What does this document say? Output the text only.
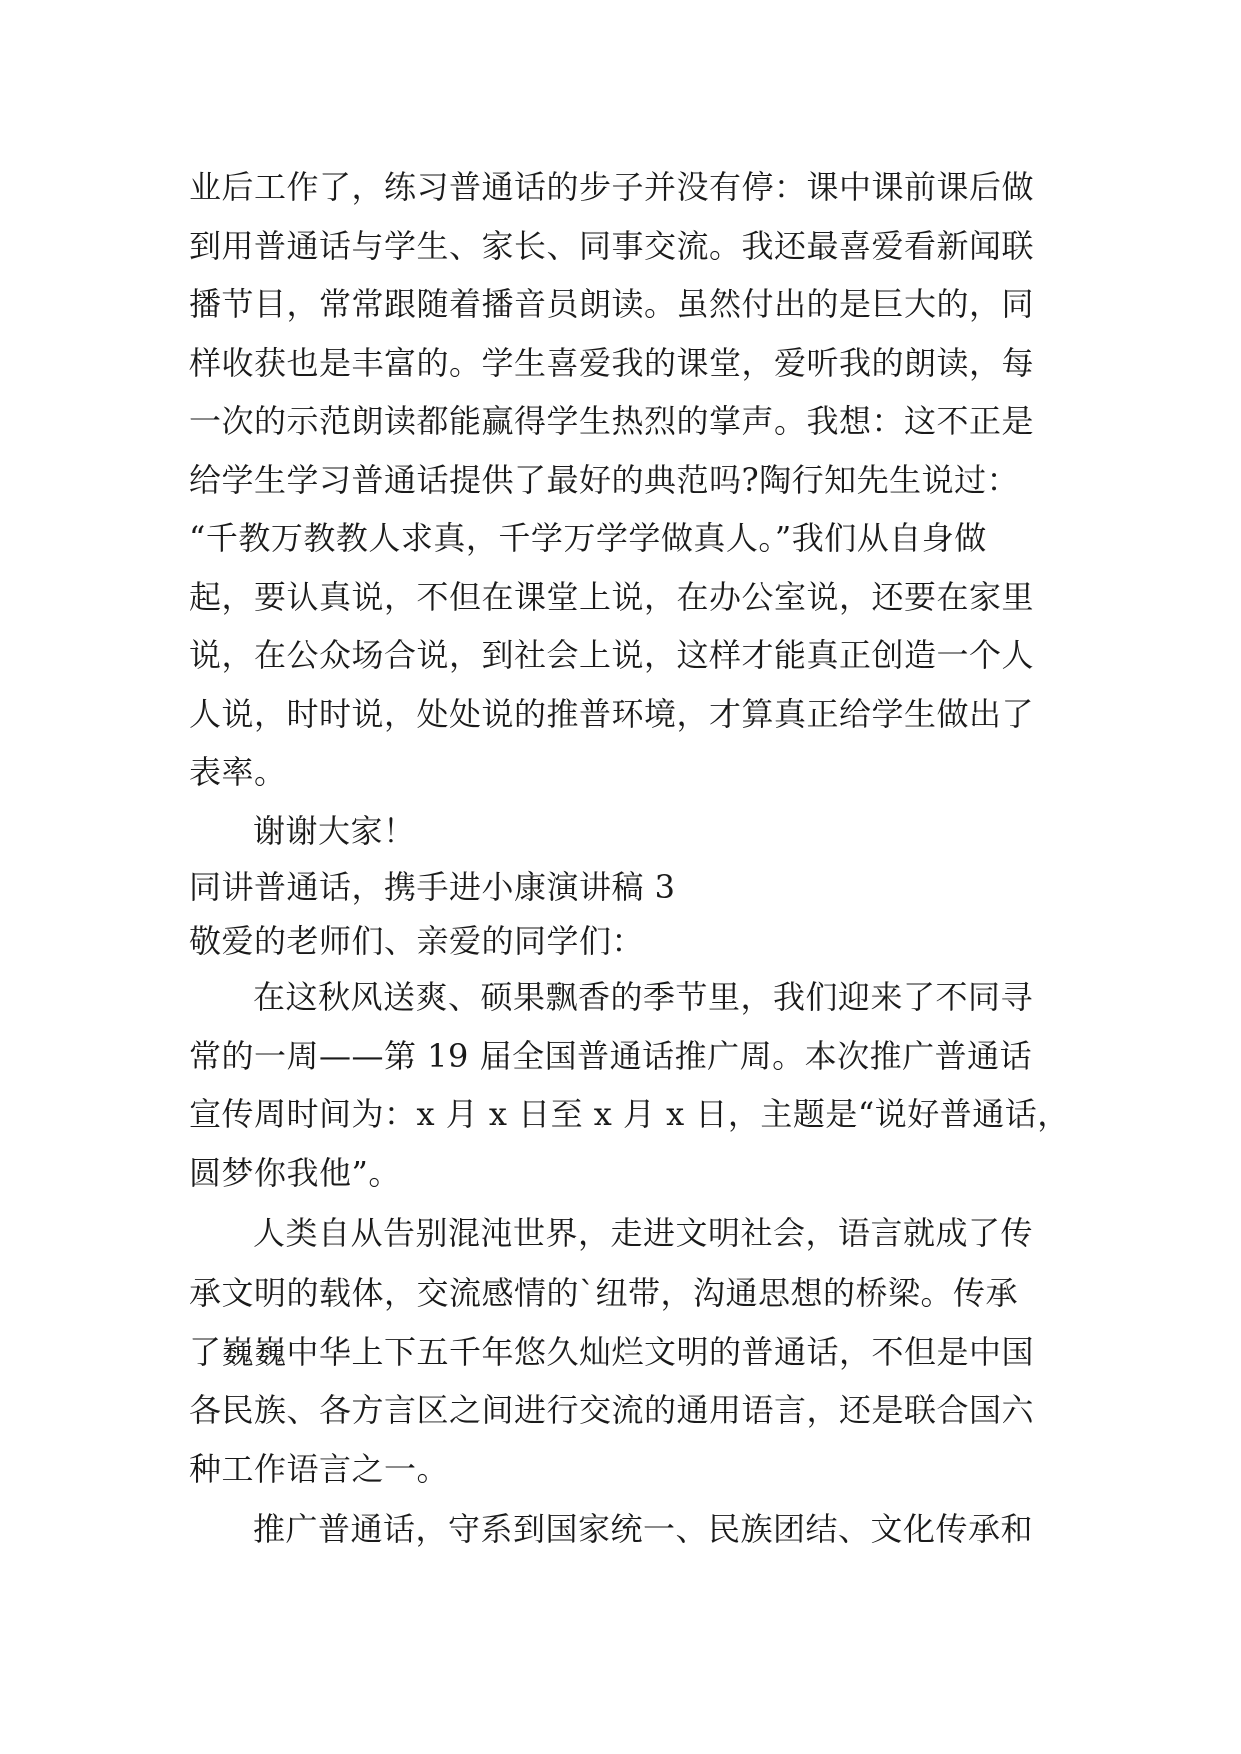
业后工作了，练习普通话的步子并没有停：课中课前课后做
到用普通话与学生、家长、同事交流。我还最喜爱看新闻联
播节目，常常跟随着播音员朗读。虽然付出的是巨大的，同
样收获也是丰富的。学生喜爱我的课堂，爱听我的朗读，每
一次的示范朗读都能赢得学生热烈的掌声。我想：这不正是
给学生学习普通话提供了最好的典范吗?陶行知先生说过：
“千教万教教人求真，千学万学学做真人。”我们从自身做
起，要认真说，不但在课堂上说，在办公室说，还要在家里
说，在公众场合说，到社会上说，这样才能真正创造一个人
人说，时时说，处处说的推普环境，才算真正给学生做出了
表率。
谢谢大家！
同讲普通话，携手进小康演讲稿 3
敬爱的老师们、亲爱的同学们：
在这秋风送爽、硕果飘香的季节里，我们迎来了不同寻
常的一周——第 19 届全国普通话推广周。本次推广普通话
宣传周时间为：x 月 x 日至 x 月 x 日，主题是“说好普通话，
圆梦你我他”。
人类自从告别混沌世界，走进文明社会，语言就成了传
承文明的载体，交流感情的`纽带，沟通思想的桥梁。传承
了巍巍中华上下五千年悠久灿烂文明的普通话，不但是中国
各民族、各方言区之间进行交流的通用语言，还是联合国六
种工作语言之一。
推广普通话，守系到国家统一、民族团结、文化传承和
